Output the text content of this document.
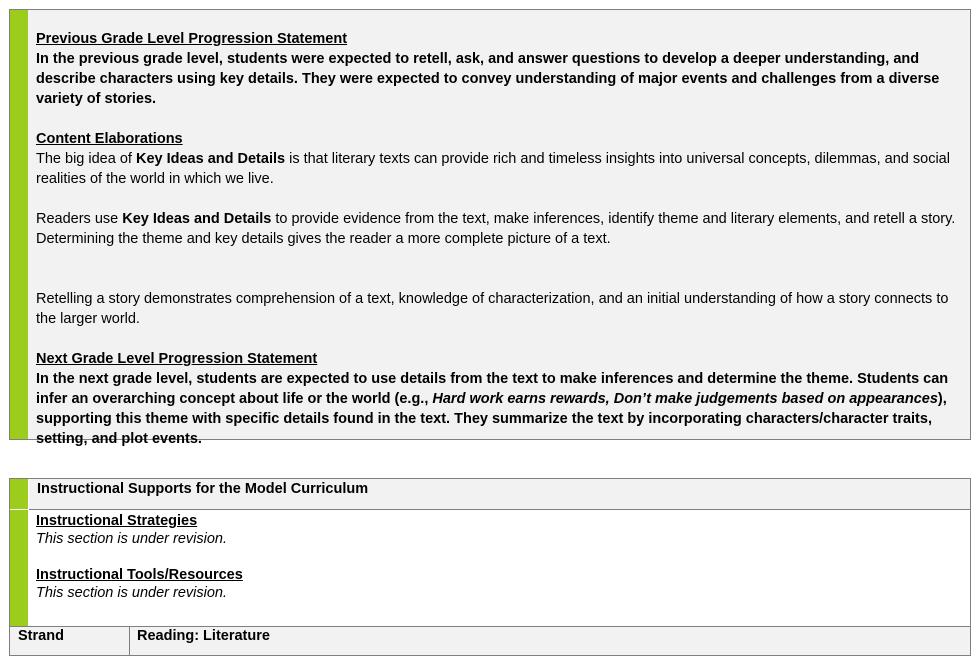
Previous Grade Level Progression Statement

In the previous grade level, students were expected to retell, ask, and answer questions to develop a deeper understanding, and describe characters using key details. They were expected to convey understanding of major events and challenges from a diverse variety of stories.

Content Elaborations

The big idea of Key Ideas and Details is that literary texts can provide rich and timeless insights into universal concepts, dilemmas, and social realities of the world in which we live.

Readers use Key Ideas and Details to provide evidence from the text, make inferences, identify theme and literary elements, and retell a story. Determining the theme and key details gives the reader a more complete picture of a text.

Retelling a story demonstrates comprehension of a text, knowledge of characterization, and an initial understanding of how a story connects to the larger world.

Next Grade Level Progression Statement

In the next grade level, students are expected to use details from the text to make inferences and determine the theme. Students can infer an overarching concept about life or the world (e.g., Hard work earns rewards, Don’t make judgements based on appearances), supporting this theme with specific details found in the text. They summarize the text by incorporating characters/character traits, setting, and plot events.

Instructional Supports for the Model Curriculum
Instructional Strategies
This section is under revision.
Instructional Tools/Resources
This section is under revision.
Strand	Reading: Literature
